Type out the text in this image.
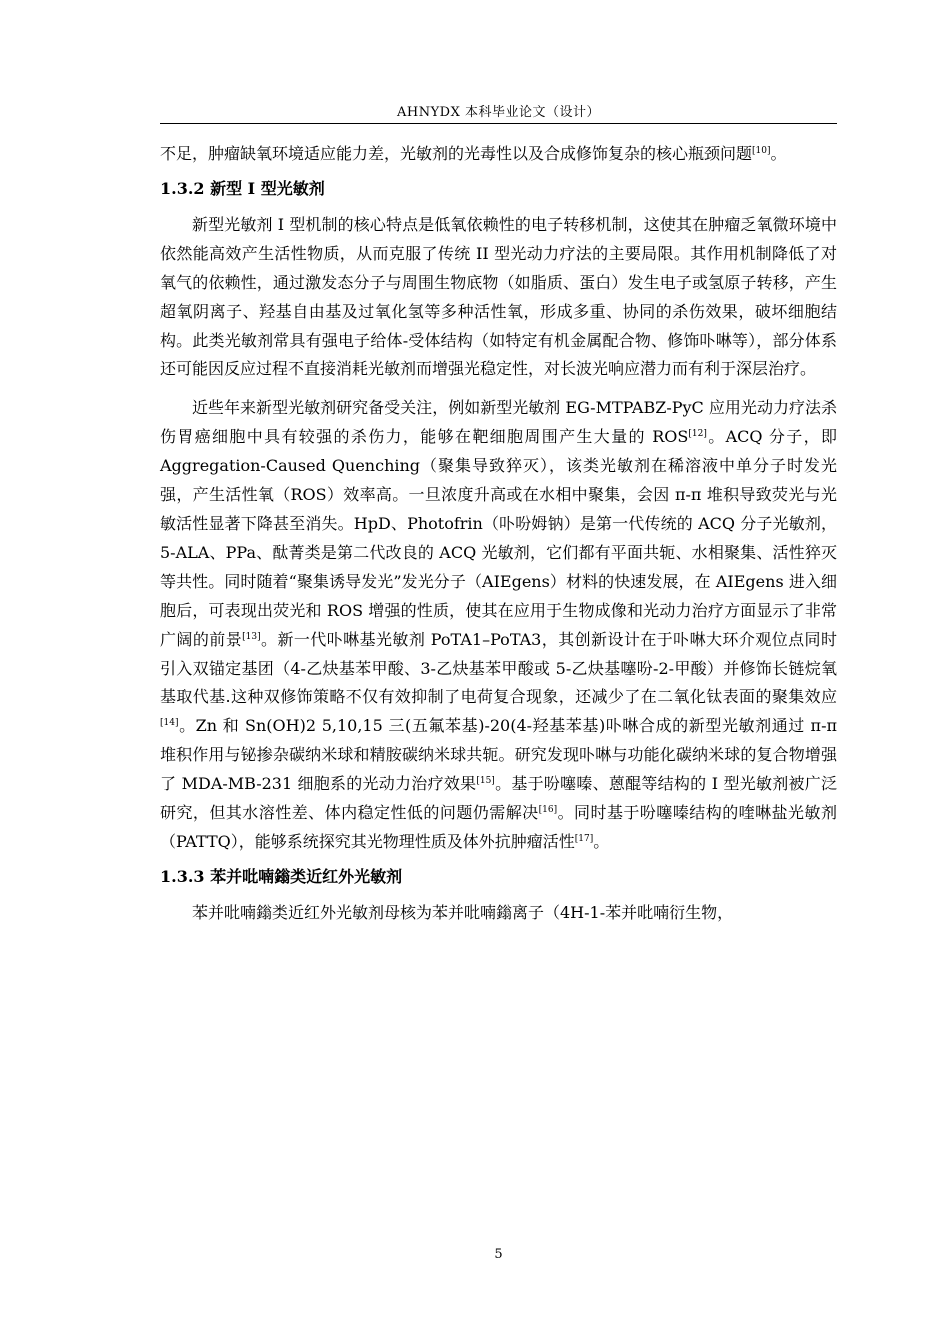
AHNYDX 本科毕业论文（设计）

不足，肿瘤缺氧环境适应能力差，光敏剂的光毒性以及合成修饰复杂的核心瓶颈问题[10]。

1.3.2 新型 I 型光敏剂

新型光敏剂 I 型机制的核心特点是低氧依赖性的电子转移机制，这使其在肿瘤乏氧微环境中依然能高效产生活性物质，从而克服了传统 II 型光动力疗法的主要局限。其作用机制降低了对氧气的依赖性，通过激发态分子与周围生物底物（如脂质、蛋白）发生电子或氢原子转移，产生超氧阴离子、羟基自由基及过氧化氢等多种活性氧，形成多重、协同的杀伤效果，破坏细胞结构。此类光敏剂常具有强电子给体-受体结构（如特定有机金属配合物、修饰卟啉等），部分体系还可能因反应过程不直接消耗光敏剂而增强光稳定性，对长波光响应潜力而有利于深层治疗。

近些年来新型光敏剂研究备受关注，例如新型光敏剂 EG-MTPABZ-PyC 应用光动力疗法杀伤胃癌细胞中具有较强的杀伤力，能够在靶细胞周围产生大量的 ROS[12]。ACQ 分子，即 Aggregation-Caused Quenching（聚集导致猝灭），该类光敏剂在稀溶液中单分子时发光强，产生活性氧（ROS）效率高。一旦浓度升高或在水相中聚集，会因 π-π 堆积导致荧光与光敏活性显著下降甚至消失。HpD、Photofrin（卟吩姆钠）是第一代传统的 ACQ 分子光敏剂，5-ALA、PPa、酞菁类是第二代改良的 ACQ 光敏剂，它们都有平面共轭、水相聚集、活性猝灭等共性。同时随着“聚集诱导发光”发光分子（AIEgens）材料的快速发展，在 AIEgens 进入细胞后，可表现出荧光和 ROS 增强的性质，使其在应用于生物成像和光动力治疗方面显示了非常广阔的前景[13]。新一代卟啉基光敏剂 PoTA1–PoTA3，其创新设计在于卟啉大环介观位点同时引入双锚定基团（4-乙炔基苯甲酸、3-乙炔基苯甲酸或 5-乙炔基噻吩-2-甲酸）并修饰长链烷氧基取代基.这种双修饰策略不仅有效抑制了电荷复合现象，还减少了在二氧化钛表面的聚集效应[14]。Zn 和 Sn(OH)2 5,10,15 三(五氟苯基)-20(4-羟基苯基)卟啉合成的新型光敏剂通过 π-π 堆积作用与铋掺杂碳纳米球和精胺碳纳米球共轭。研究发现卟啉与功能化碳纳米球的复合物增强了 MDA-MB-231 细胞系的光动力治疗效果[15]。基于吩噻嗪、蒽醌等结构的 I 型光敏剂被广泛研究，但其水溶性差、体内稳定性低的问题仍需解决[16]。同时基于吩噻嗪结构的喹啉盐光敏剂（PATTQ），能够系统探究其光物理性质及体外抗肿瘤活性[17]。

1.3.3 苯并吡喃鎓类近红外光敏剂

苯并吡喃鎓类近红外光敏剂母核为苯并吡喃鎓离子（4H-1-苯并吡喃衍生物，

5
